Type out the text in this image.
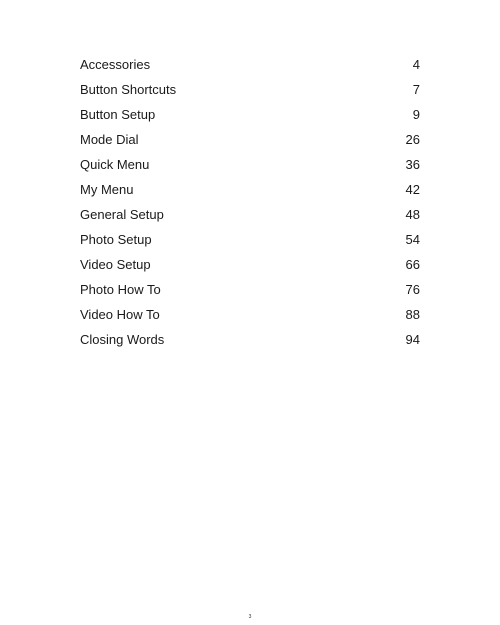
Accessories	4
Button Shortcuts	7
Button Setup	9
Mode Dial	26
Quick Menu	36
My Menu	42
General Setup	48
Photo Setup	54
Video Setup	66
Photo How To	76
Video How To	88
Closing Words	94
3
